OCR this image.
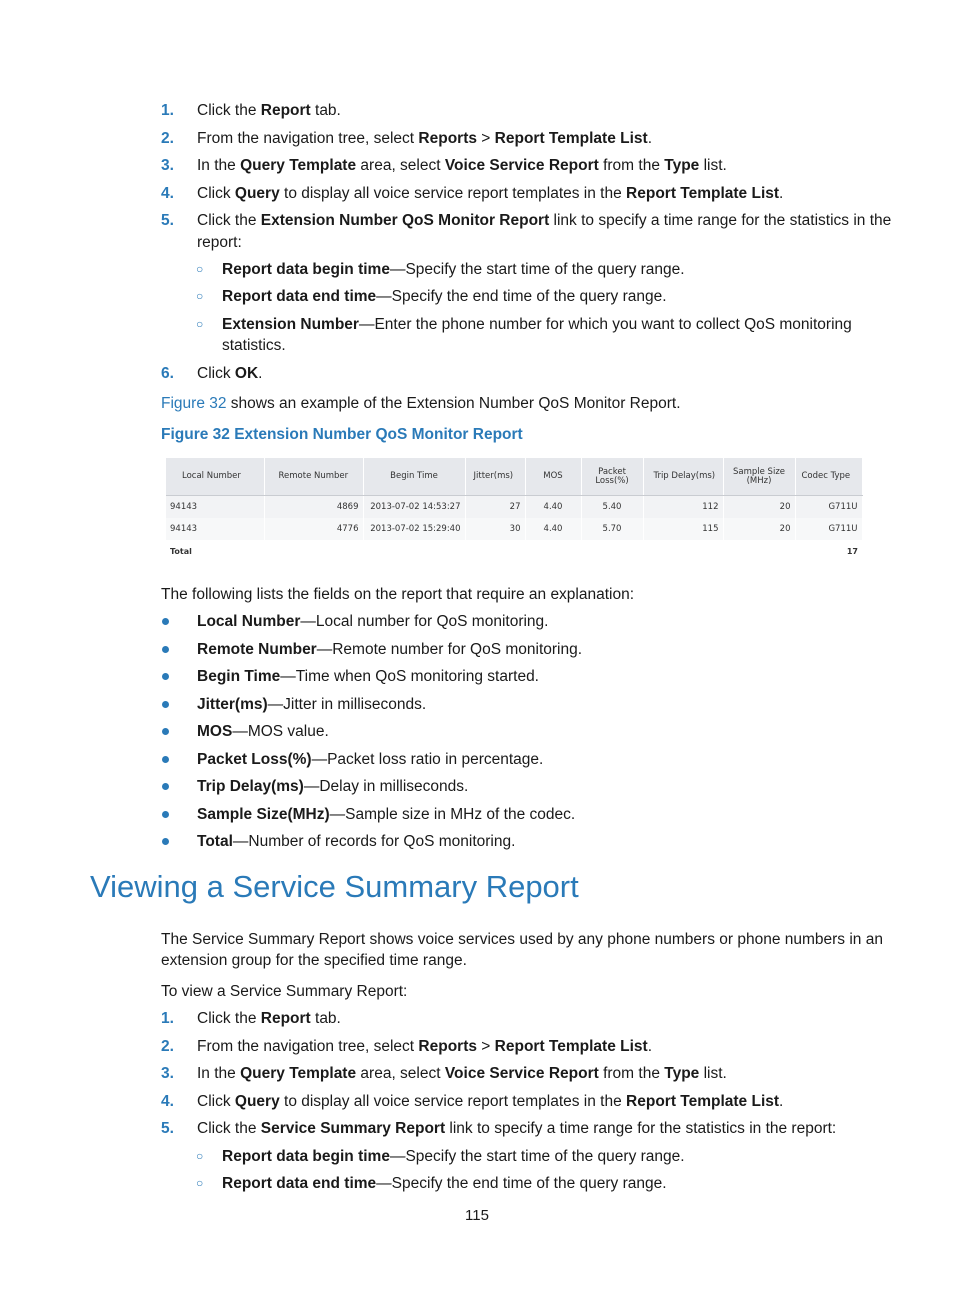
1.	Click the Report tab.
2.	From the navigation tree, select Reports > Report Template List.
3.	In the Query Template area, select Voice Service Report from the Type list.
4.	Click Query to display all voice service report templates in the Report Template List.
5.	Click the Extension Number QoS Monitor Report link to specify a time range for the statistics in the
report:
○ Report data begin time—Specify the start time of the query range.
○ Report data end time—Specify the end time of the query range.
○ Extension Number—Enter the phone number for which you want to collect QoS monitoring
statistics.
6.	Click OK.
Figure 32 shows an example of the Extension Number QoS Monitor Report.
Figure 32 Extension Number QoS Monitor Report
Local Number	Remote Number	Begin Time	Jitter(ms)	MOS	Packet Loss(%)	Trip Delay(ms)	Sample Size (MHz)	Codec Type
94143	4869	2013-07-02 14:53:27	27	4.40	5.40	112	20	G711U
94143	4776	2013-07-02 15:29:40	30	4.40	5.70	115	20	G711U
Total								17
The following lists the fields on the report that require an explanation:
Local Number—Local number for QoS monitoring.
Remote Number—Remote number for QoS monitoring.
Begin Time—Time when QoS monitoring started.
Jitter(ms)—Jitter in milliseconds.
MOS—MOS value.
Packet Loss(%)—Packet loss ratio in percentage.
Trip Delay(ms)—Delay in milliseconds.
Sample Size(MHz)—Sample size in MHz of the codec.
Total—Number of records for QoS monitoring.
Viewing a Service Summary Report
The Service Summary Report shows voice services used by any phone numbers or phone numbers in an
extension group for the specified time range.
To view a Service Summary Report:
1.	Click the Report tab.
2.	From the navigation tree, select Reports > Report Template List.
3.	In the Query Template area, select Voice Service Report from the Type list.
4.	Click Query to display all voice service report templates in the Report Template List.
5.	Click the Service Summary Report link to specify a time range for the statistics in the report:
○ Report data begin time—Specify the start time of the query range.
○ Report data end time—Specify the end time of the query range.
115
